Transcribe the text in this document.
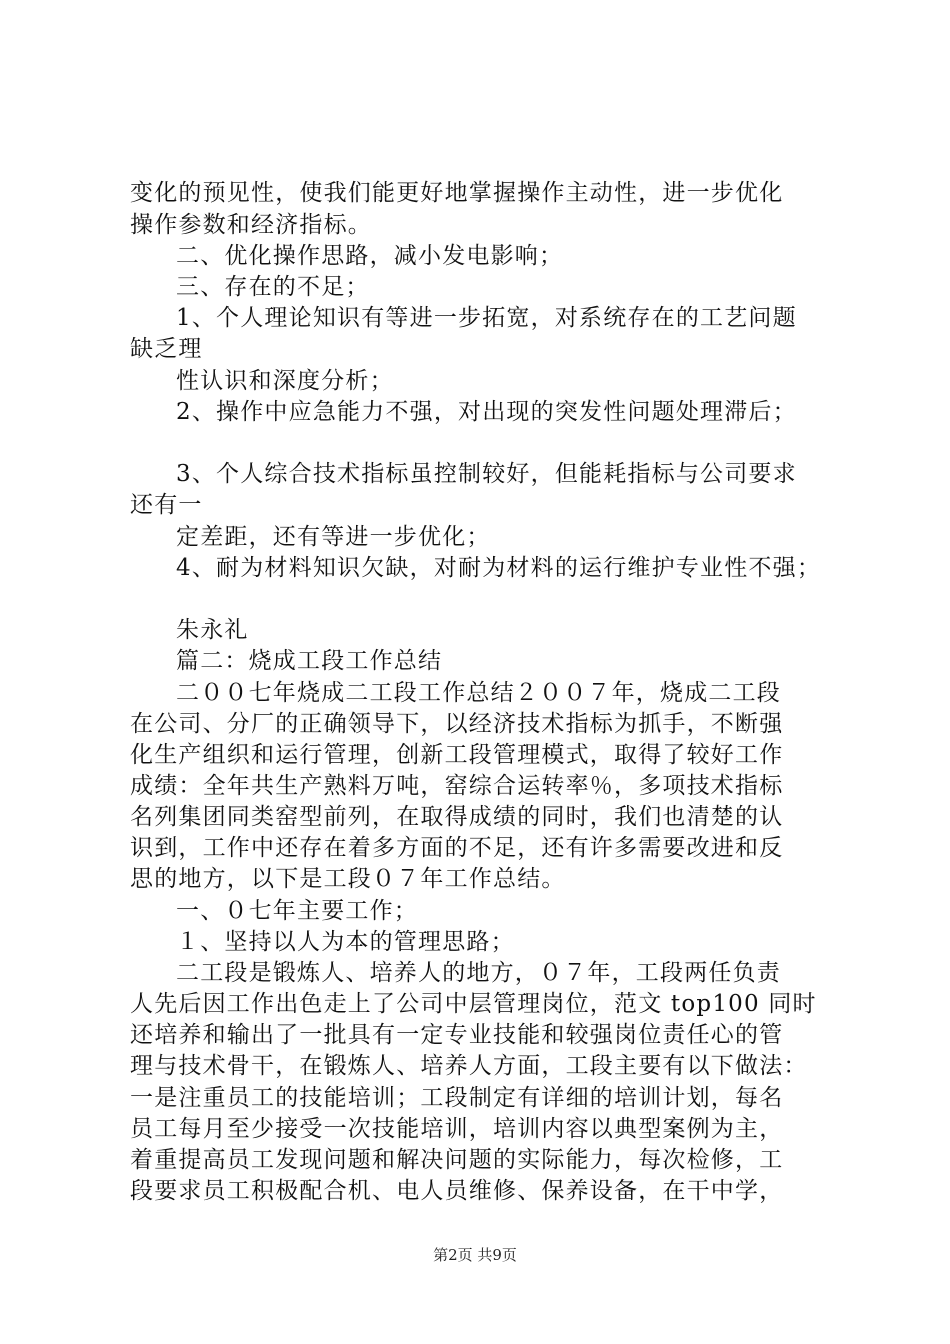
变化的预见性，使我们能更好地掌握操作主动性，进一步优化
操作参数和经济指标。
二、优化操作思路，减小发电影响；
三、存在的不足；
1、个人理论知识有等进一步拓宽，对系统存在的工艺问题
缺乏理
性认识和深度分析；
2、操作中应急能力不强，对出现的突发性问题处理滞后；
3、个人综合技术指标虽控制较好，但能耗指标与公司要求
还有一
定差距，还有等进一步优化；
4、耐为材料知识欠缺，对耐为材料的运行维护专业性不强；
朱永礼
篇二：烧成工段工作总结
二００七年烧成二工段工作总结２００７年，烧成二工段
在公司、分厂的正确领导下，以经济技术指标为抓手，不断强
化生产组织和运行管理，创新工段管理模式，取得了较好工作
成绩：全年共生产熟料万吨，窑综合运转率％，多项技术指标
名列集团同类窑型前列，在取得成绩的同时，我们也清楚的认
识到，工作中还存在着多方面的不足，还有许多需要改进和反
思的地方，以下是工段０７年工作总结。
一、０七年主要工作；
１、坚持以人为本的管理思路；
二工段是锻炼人、培养人的地方，０７年，工段两任负责
人先后因工作出色走上了公司中层管理岗位，范文 top100 同时
还培养和输出了一批具有一定专业技能和较强岗位责任心的管
理与技术骨干，在锻炼人、培养人方面，工段主要有以下做法：
一是注重员工的技能培训；工段制定有详细的培训计划，每名
员工每月至少接受一次技能培训，培训内容以典型案例为主，
着重提高员工发现问题和解决问题的实际能力，每次检修，工
段要求员工积极配合机、电人员维修、保养设备，在干中学，
第2页 共9页
